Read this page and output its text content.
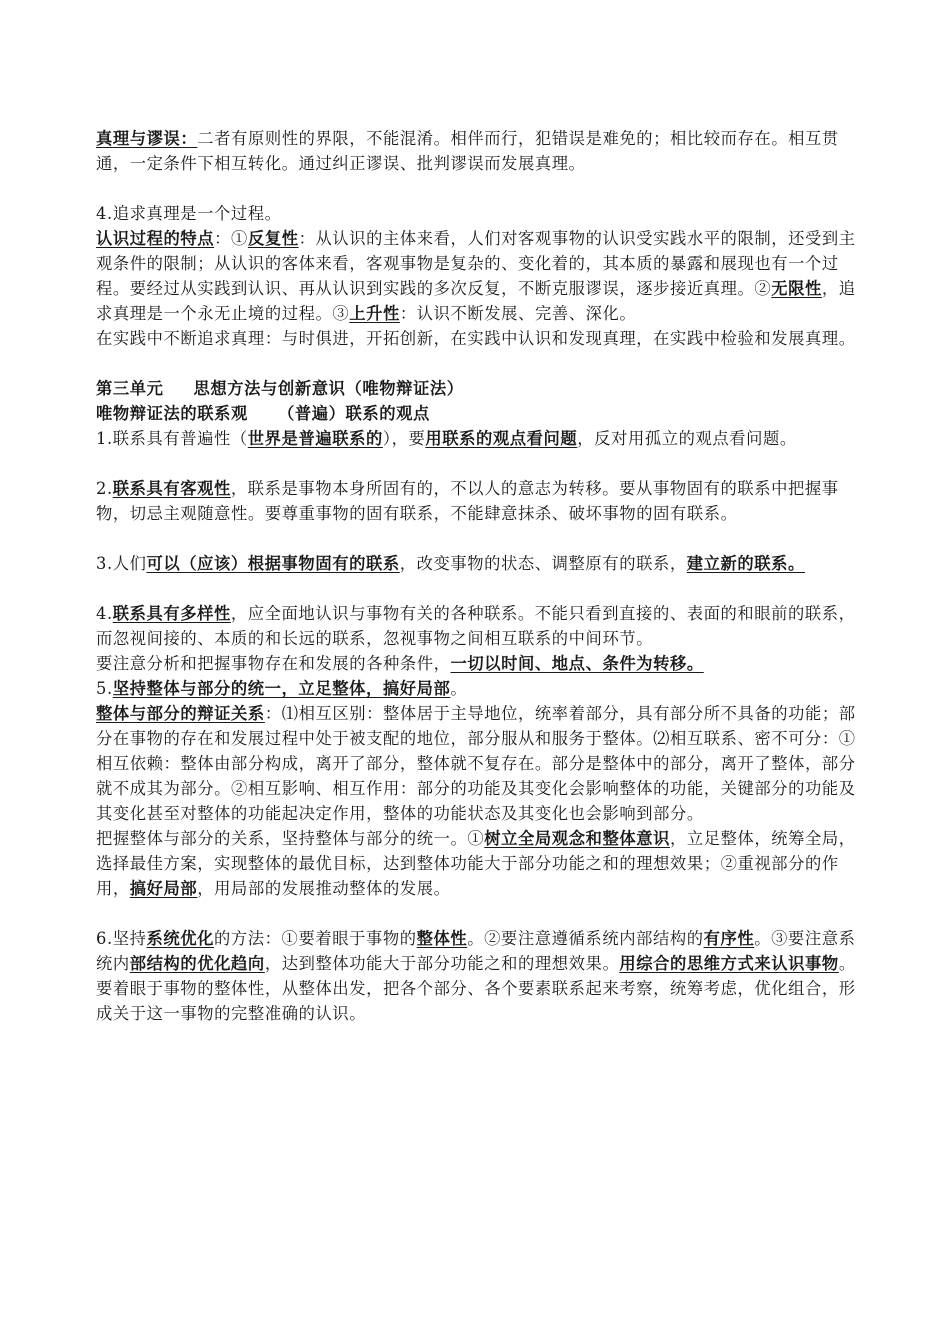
真理与谬误：二者有原则性的界限，不能混淆。相伴而行，犯错误是难免的；相比较而存在。相互贯通，一定条件下相互转化。通过纠正谬误、批判谬误而发展真理。

4.追求真理是一个过程。

认识过程的特点：①反复性：从认识的主体来看，人们对客观事物的认识受实践水平的限制，还受到主观条件的限制；从认识的客体来看，客观事物是复杂的、变化着的，其本质的暴露和展现也有一个过程。要经过从实践到认识、再从认识到实践的多次反复，不断克服谬误，逐步接近真理。②无限性，追求真理是一个永无止境的过程。③上升性：认识不断发展、完善、深化。

在实践中不断追求真理：与时俱进，开拓创新，在实践中认识和发现真理，在实践中检验和发展真理。

第三单元 思想方法与创新意识（唯物辩证法）

唯物辩证法的联系观 （普遍）联系的观点

1.联系具有普遍性（世界是普遍联系的），要用联系的观点看问题，反对用孤立的观点看问题。

2.联系具有客观性，联系是事物本身所固有的，不以人的意志为转移。要从事物固有的联系中把握事物，切忌主观随意性。要尊重事物的固有联系，不能肆意抹杀、破坏事物的固有联系。

3.人们可以（应该）根据事物固有的联系，改变事物的状态、调整原有的联系，建立新的联系。

4.联系具有多样性，应全面地认识与事物有关的各种联系。不能只看到直接的、表面的和眼前的联系，而忽视间接的、本质的和长远的联系，忽视事物之间相互联系的中间环节。

要注意分析和把握事物存在和发展的各种条件，一切以时间、地点、条件为转移。

5.坚持整体与部分的统一，立足整体，搞好局部。

整体与部分的辩证关系：⑴相互区别：整体居于主导地位，统率着部分，具有部分所不具备的功能；部分在事物的存在和发展过程中处于被支配的地位，部分服从和服务于整体。⑵相互联系、密不可分：①相互依赖：整体由部分构成，离开了部分，整体就不复存在。部分是整体中的部分，离开了整体，部分就不成其为部分。②相互影响、相互作用：部分的功能及其变化会影响整体的功能，关键部分的功能及其变化甚至对整体的功能起决定作用，整体的功能状态及其变化也会影响到部分。

把握整体与部分的关系，坚持整体与部分的统一。①树立全局观念和整体意识，立足整体，统筹全局，选择最佳方案，实现整体的最优目标，达到整体功能大于部分功能之和的理想效果；②重视部分的作用，搞好局部，用局部的发展推动整体的发展。

6.坚持系统优化的方法：①要着眼于事物的整体性。②要注意遵循系统内部结构的有序性。③要注意系统内部结构的优化趋向，达到整体功能大于部分功能之和的理想效果。用综合的思维方式来认识事物。要着眼于事物的整体性，从整体出发，把各个部分、各个要素联系起来考察，统筹考虑，优化组合，形成关于这一事物的完整准确的认识。
